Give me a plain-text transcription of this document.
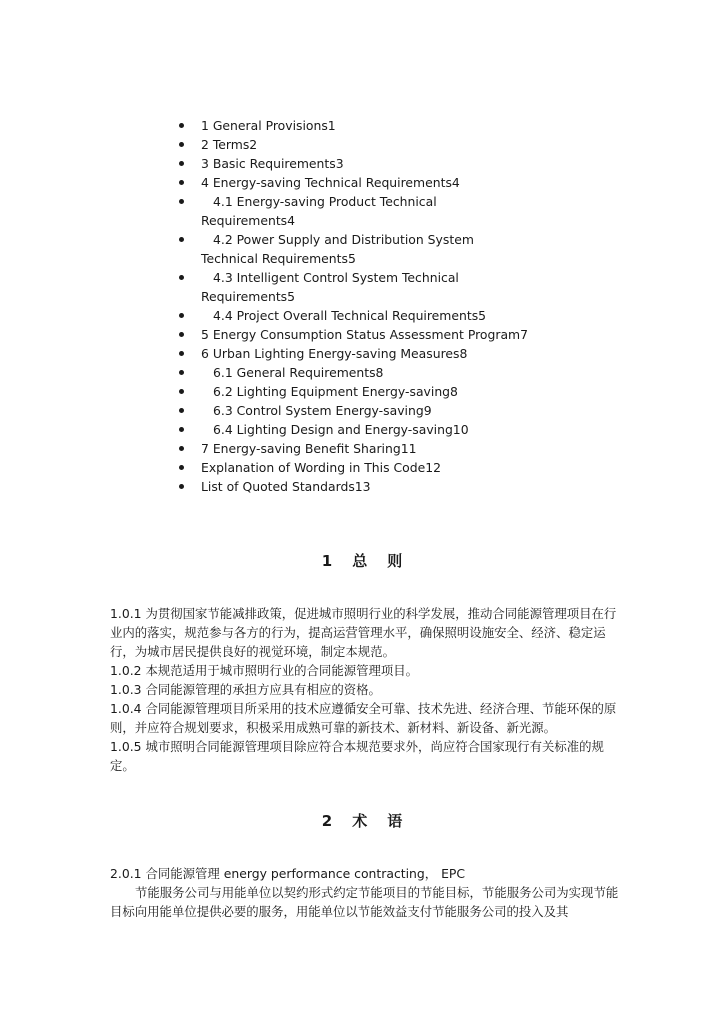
1 General Provisions1
2 Terms2
3 Basic Requirements3
4 Energy-saving Technical Requirements4
4.1 Energy-saving Product Technical Requirements4
4.2 Power Supply and Distribution System Technical Requirements5
4.3 Intelligent Control System Technical Requirements5
4.4 Project Overall Technical Requirements5
5 Energy Consumption Status Assessment Program7
6 Urban Lighting Energy-saving Measures8
6.1 General Requirements8
6.2 Lighting Equipment Energy-saving8
6.3 Control System Energy-saving9
6.4 Lighting Design and Energy-saving10
7 Energy-saving Benefit Sharing11
Explanation of Wording in This Code12
List of Quoted Standards13
1 总 则

1.0.1 为贯彻国家节能减排政策，促进城市照明行业的科学发展，推动合同能源管理项目在行业内的落实，规范参与各方的行为，提高运营管理水平，确保照明设施安全、经济、稳定运行，为城市居民提供良好的视觉环境，制定本规范。

1.0.2 本规范适用于城市照明行业的合同能源管理项目。

1.0.3 合同能源管理的承担方应具有相应的资格。

1.0.4 合同能源管理项目所采用的技术应遵循安全可靠、技术先进、经济合理、节能环保的原则，并应符合规划要求，积极采用成熟可靠的新技术、新材料、新设备、新光源。

1.0.5 城市照明合同能源管理项目除应符合本规范要求外，尚应符合国家现行有关标准的规定。

2 术 语

2.0.1 合同能源管理 energy performance contracting， EPC

节能服务公司与用能单位以契约形式约定节能项目的节能目标，节能服务公司为实现节能目标向用能单位提供必要的服务，用能单位以节能效益支付节能服务公司的投入及其
